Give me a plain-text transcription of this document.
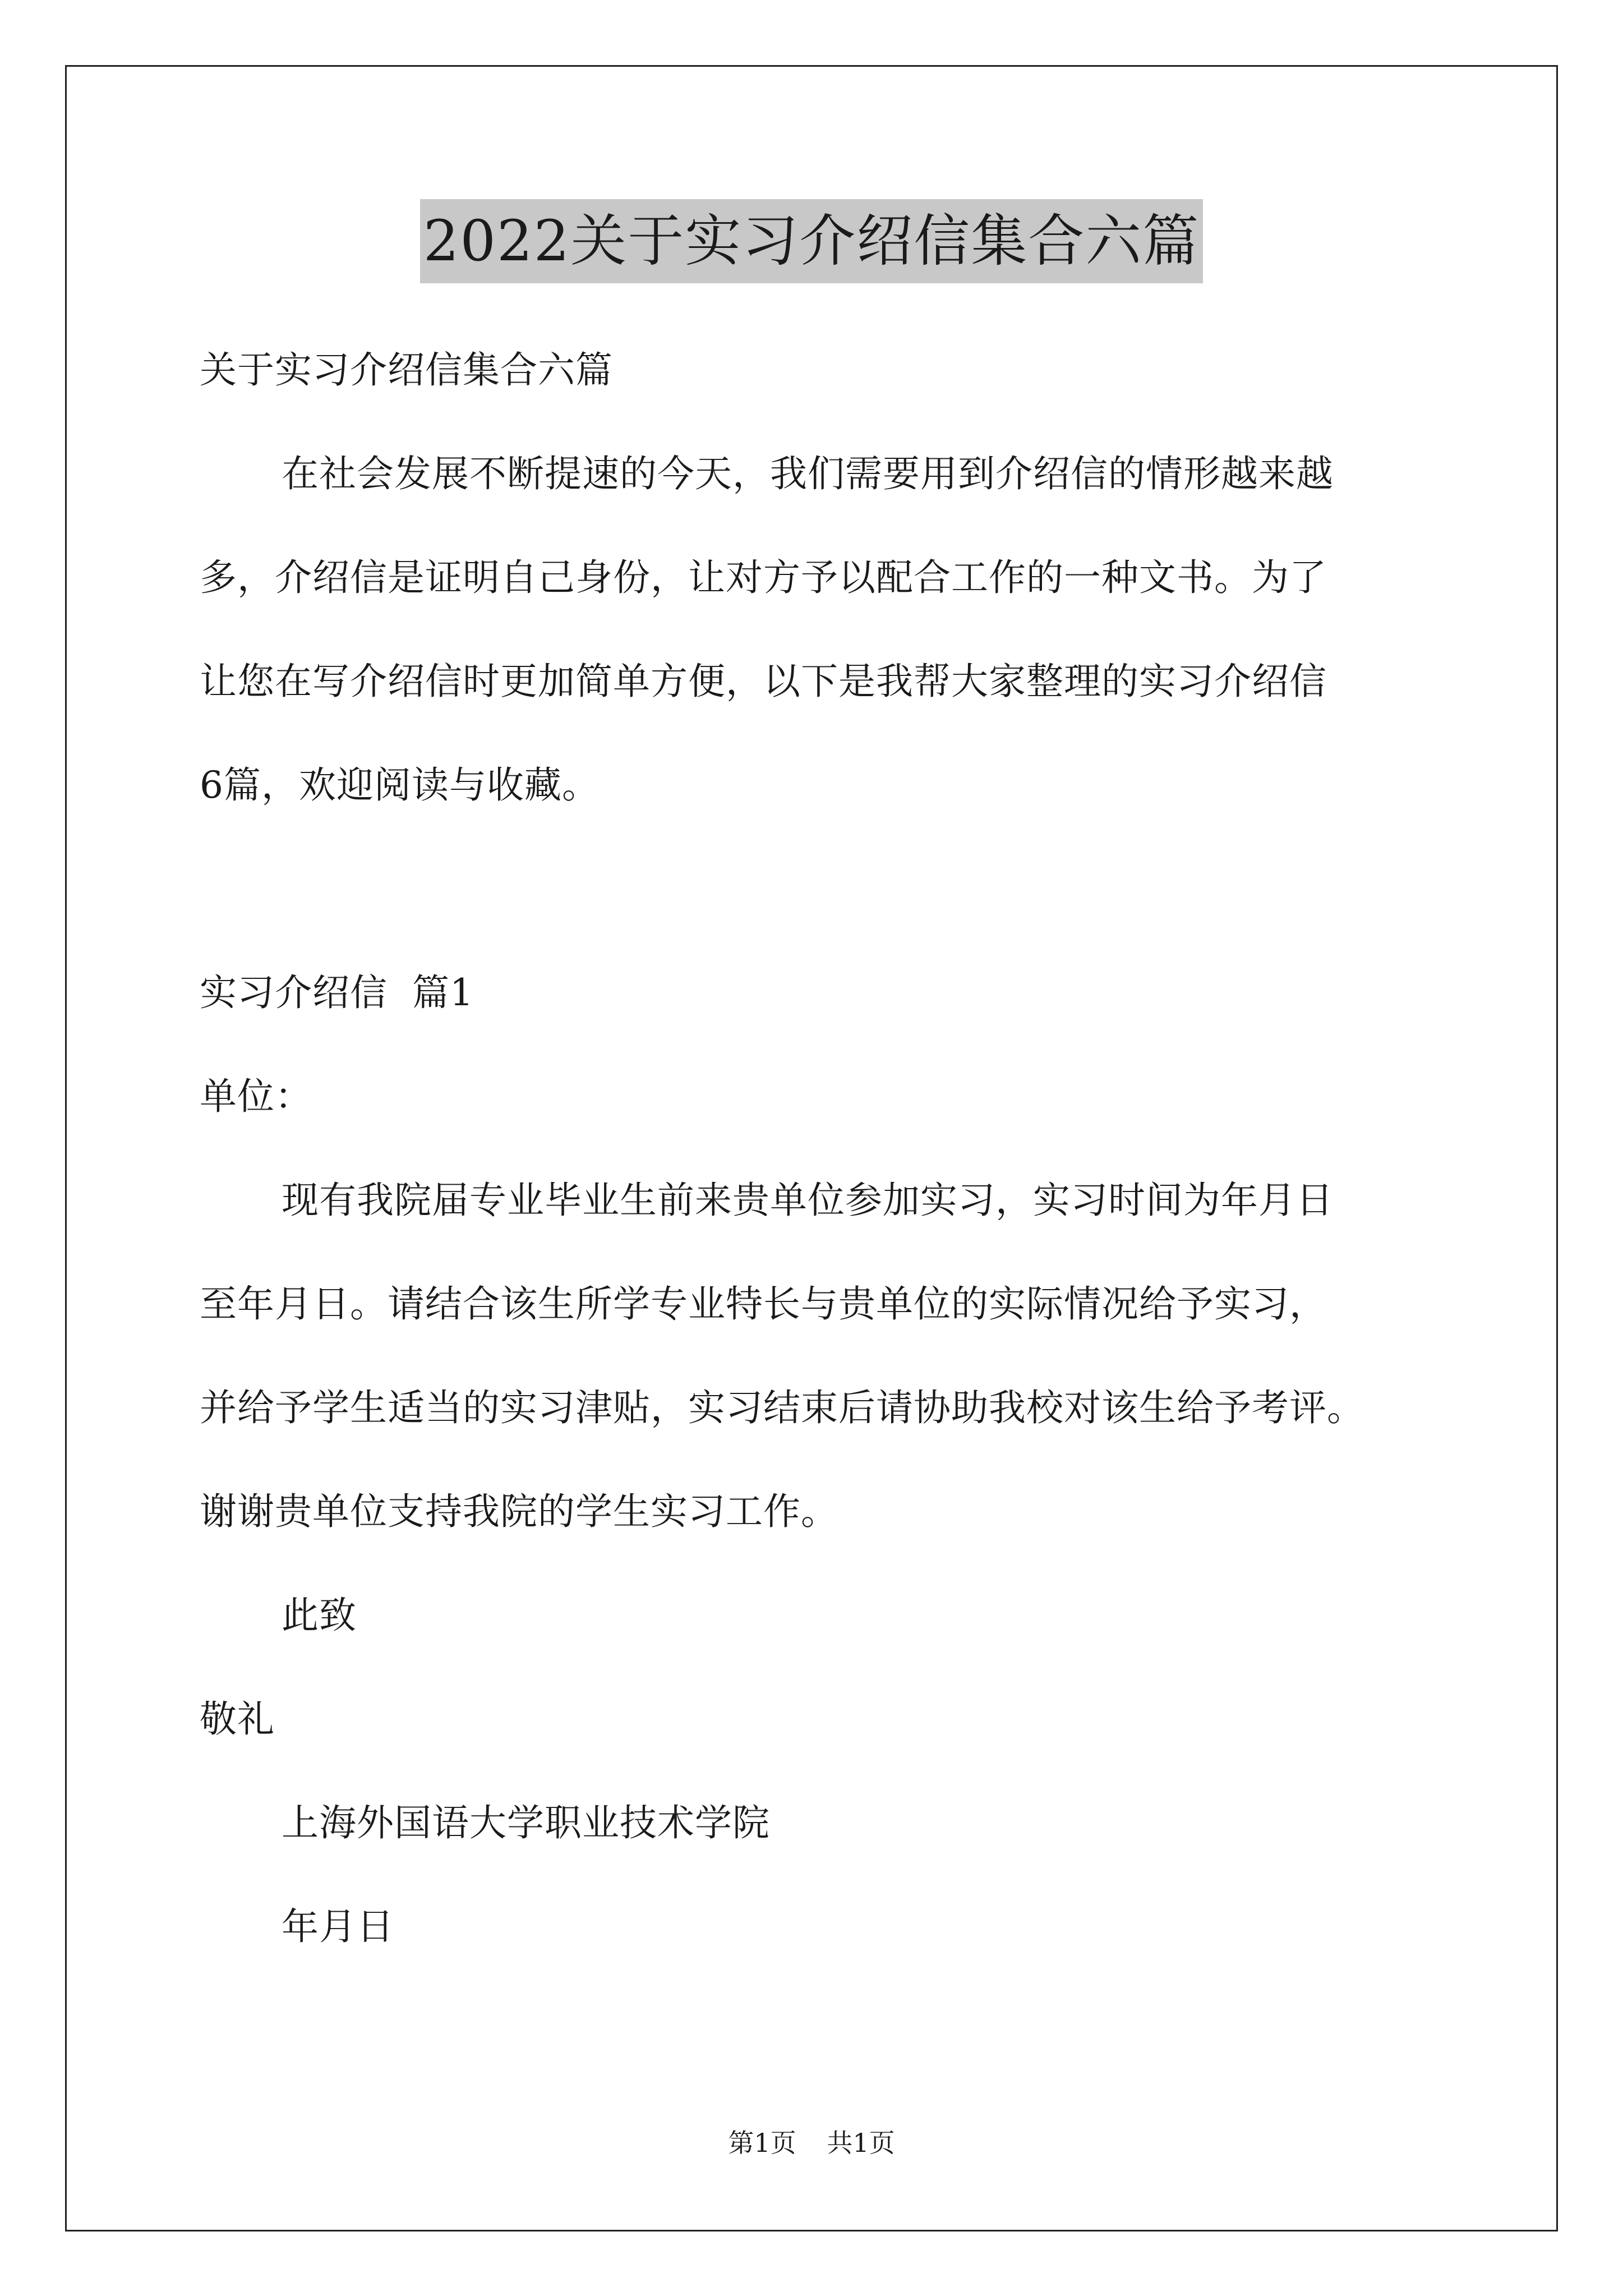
2022关于实习介绍信集合六篇
关于实习介绍信集合六篇
在社会发展不断提速的今天，我们需要用到介绍信的情形越来越
多，介绍信是证明自己身份，让对方予以配合工作的一种文书。为了
让您在写介绍信时更加简单方便，以下是我帮大家整理的实习介绍信
6篇，欢迎阅读与收藏。
实习介绍信  篇1
单位：
现有我院届专业毕业生前来贵单位参加实习，实习时间为年月日
至年月日。请结合该生所学专业特长与贵单位的实际情况给予实习，
并给予学生适当的实习津贴，实习结束后请协助我校对该生给予考评。
谢谢贵单位支持我院的学生实习工作。
此致
敬礼
上海外国语大学职业技术学院
年月日
第1页 共1页
